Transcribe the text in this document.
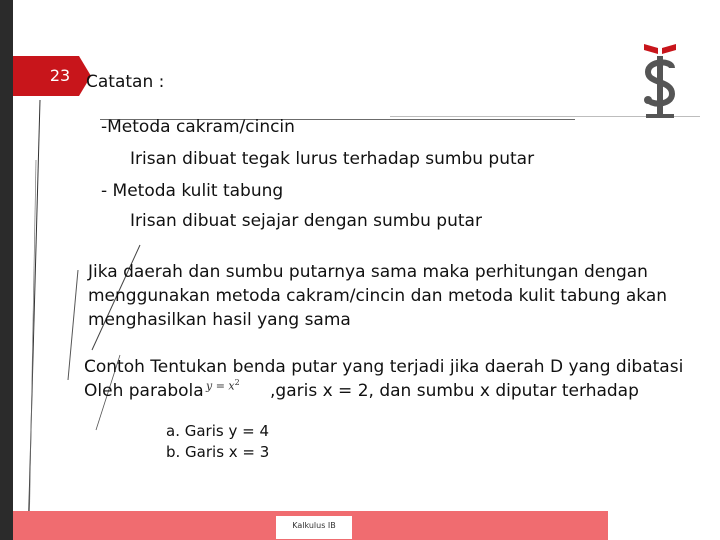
23 Catatan :
-Metoda cakram/cincin
Irisan dibuat tegak lurus terhadap sumbu putar
- Metoda kulit tabung
Irisan dibuat sejajar dengan sumbu putar
Jika daerah dan sumbu putarnya sama maka perhitungan dengan
menggunakan metoda cakram/cincin dan metoda kulit tabung akan
menghasilkan hasil yang sama
Contoh Tentukan benda putar yang terjadi jika daerah D yang dibatasi
Oleh parabola $y = x^2$ ,garis x = 2, dan sumbu x diputar terhadap
a. Garis y = 4
b. Garis x = 3
Kalkulus IB
